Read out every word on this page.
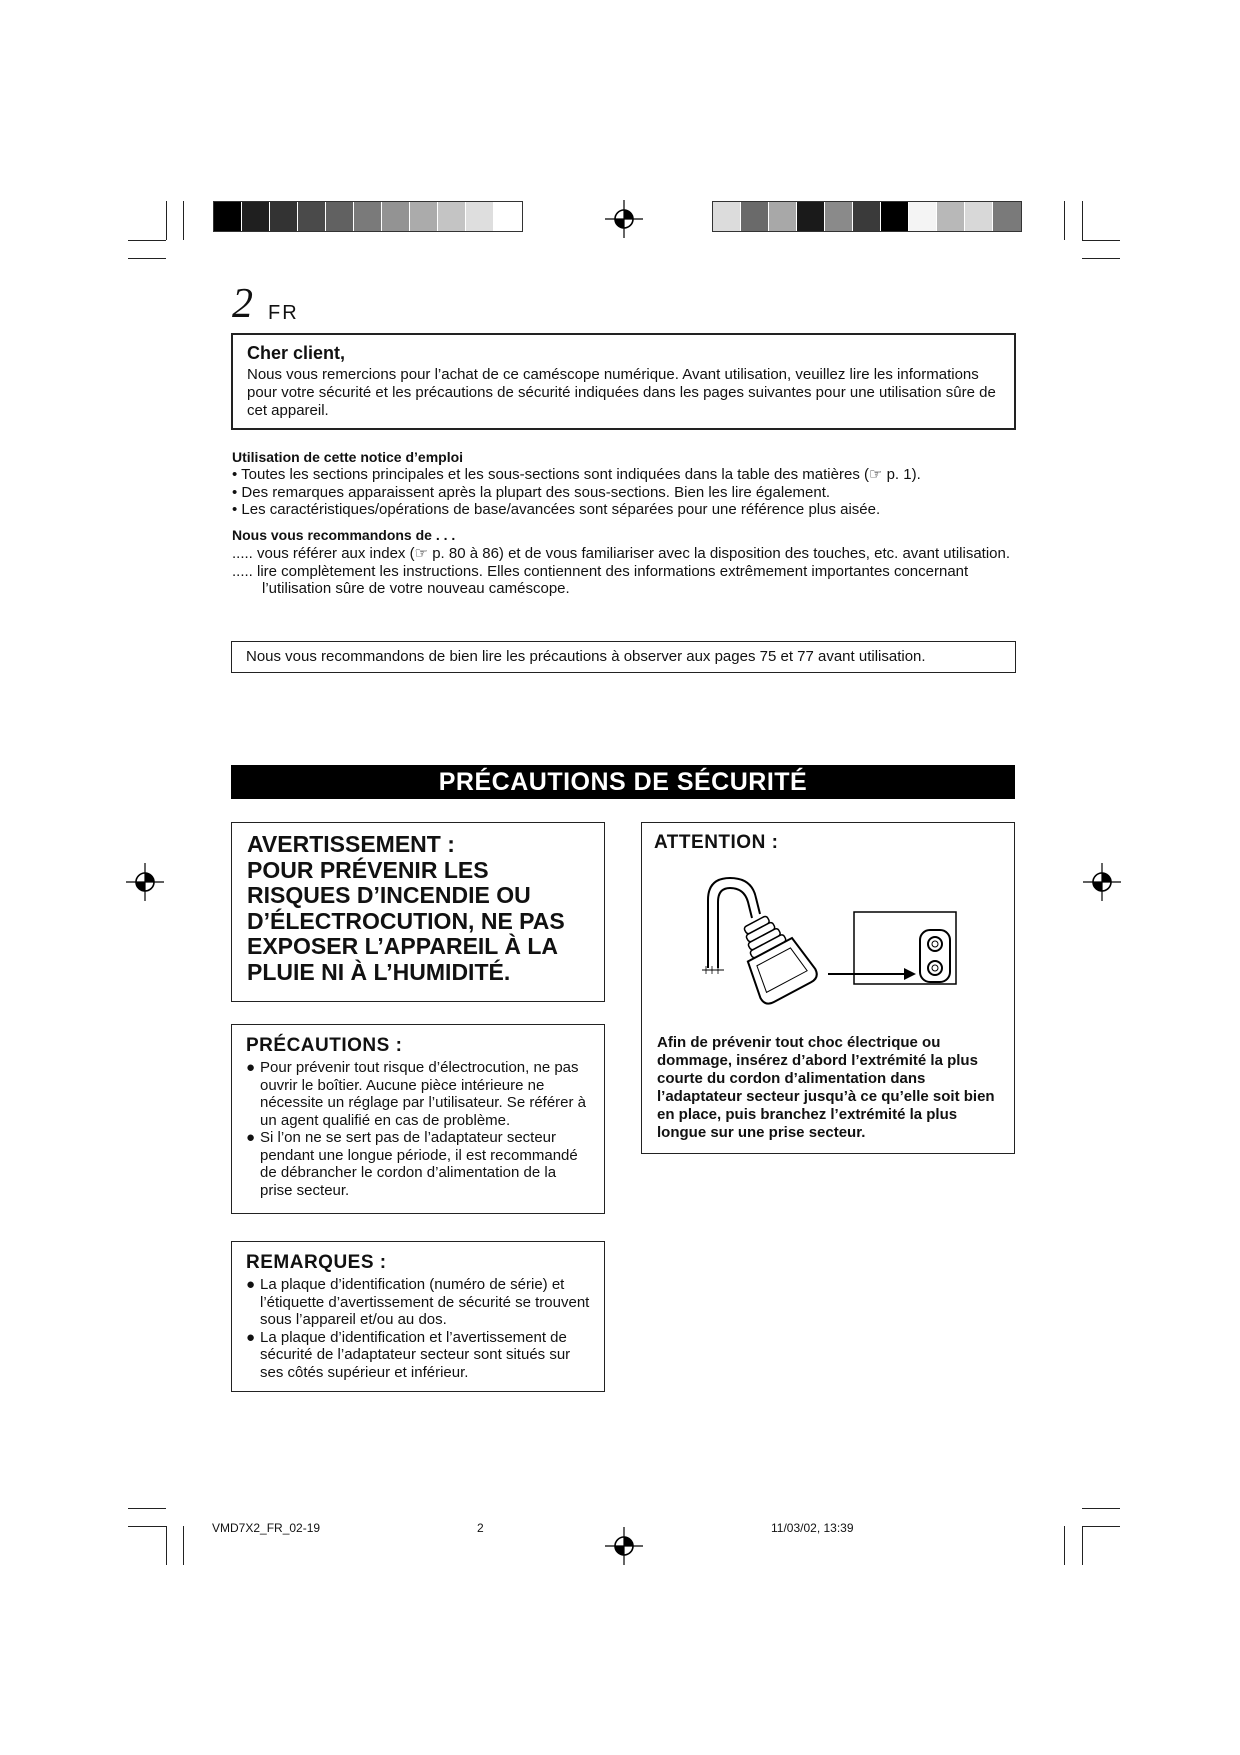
2 FR
Cher client,
Nous vous remercions pour l’achat de ce caméscope numérique. Avant utilisation, veuillez lire les informations pour votre sécurité et les précautions de sécurité indiquées dans les pages suivantes pour une utilisation sûre de cet appareil.
Utilisation de cette notice d’emploi
• Toutes les sections principales et les sous-sections sont indiquées dans la table des matières (☞ p. 1).
• Des remarques apparaissent après la plupart des sous-sections. Bien les lire également.
• Les caractéristiques/opérations de base/avancées sont séparées pour une référence plus aisée.
Nous vous recommandons de . . .
..... vous référer aux index (☞ p. 80 à 86) et de vous familiariser avec la disposition des touches, etc. avant utilisation.
..... lire complètement les instructions. Elles contiennent des informations extrêmement importantes concernant l’utilisation sûre de votre nouveau caméscope.
Nous vous recommandons de bien lire les précautions à observer aux pages 75 et 77 avant utilisation.
PRÉCAUTIONS DE SÉCURITÉ
AVERTISSEMENT :
POUR PRÉVENIR LES RISQUES D’INCENDIE OU D’ÉLECTROCUTION, NE PAS EXPOSER L’APPAREIL À LA PLUIE NI À L’HUMIDITÉ.
PRÉCAUTIONS :
● Pour prévenir tout risque d’électrocution, ne pas ouvrir le boîtier. Aucune pièce intérieure ne nécessite un réglage par l’utilisateur. Se référer à un agent qualifié en cas de problème.
● Si l’on ne se sert pas de l’adaptateur secteur pendant une longue période, il est recommandé de débrancher le cordon d’alimentation de la prise secteur.
REMARQUES :
● La plaque d’identification (numéro de série) et l’étiquette d’avertissement de sécurité se trouvent sous l’appareil et/ou au dos.
● La plaque d’identification et l’avertissement de sécurité de l’adaptateur secteur sont situés sur ses côtés supérieur et inférieur.
ATTENTION :
Afin de prévenir tout choc électrique ou dommage, insérez d’abord l’extrémité la plus courte du cordon d’alimentation dans l’adaptateur secteur jusqu’à ce qu’elle soit bien en place, puis branchez l’extrémité la plus longue sur une prise secteur.
VMD7X2_FR_02-19	2	11/03/02, 13:39
